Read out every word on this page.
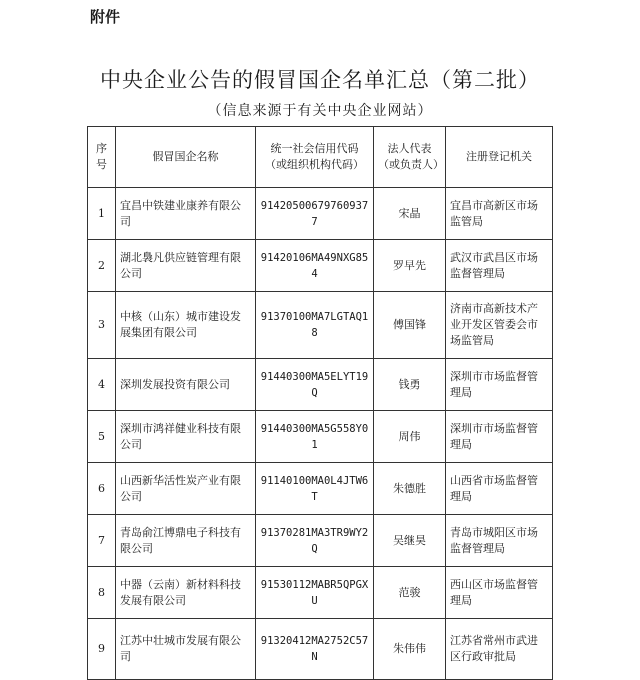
附件
中央企业公告的假冒国企名单汇总（第二批）
（信息来源于有关中央企业网站）
序号	假冒国企名称	统一社会信用代码（或组织机构代码）	法人代表（或负责人）	注册登记机关
1	宜昌中铁建业康养有限公司	91420500679760937 7	宋晶	宜昌市高新区市场监管局
2	湖北裊凡供应链管理有限公司	91420106MA49NXG85 4	罗早先	武汉市武昌区市场监督管理局
3	中核（山东）城市建设发展集团有限公司	91370100MA7LGTAQ1 8	傅国锋	济南市高新技术产业开发区管委会市场监管局
4	深圳发展投资有限公司	91440300MA5ELYT19 Q	钱勇	深圳市市场监督管理局
5	深圳市鸿祥健业科技有限公司	91440300MA5G558Y0 1	周伟	深圳市市场监督管理局
6	山西新华活性炭产业有限公司	91140100MA0L4JTW6 T	朱德胜	山西省市场监督管理局
7	青岛俞江博鼎电子科技有限公司	91370281MA3TR9WY2 Q	吴继昊	青岛市城阳区市场监督管理局
8	中器（云南）新材料科技发展有限公司	91530112MABR5QPGX U	范骏	西山区市场监督管理局
9	江苏中壮城市发展有限公司	91320412MA2752C57 N	朱伟伟	江苏省常州市武进区行政审批局
